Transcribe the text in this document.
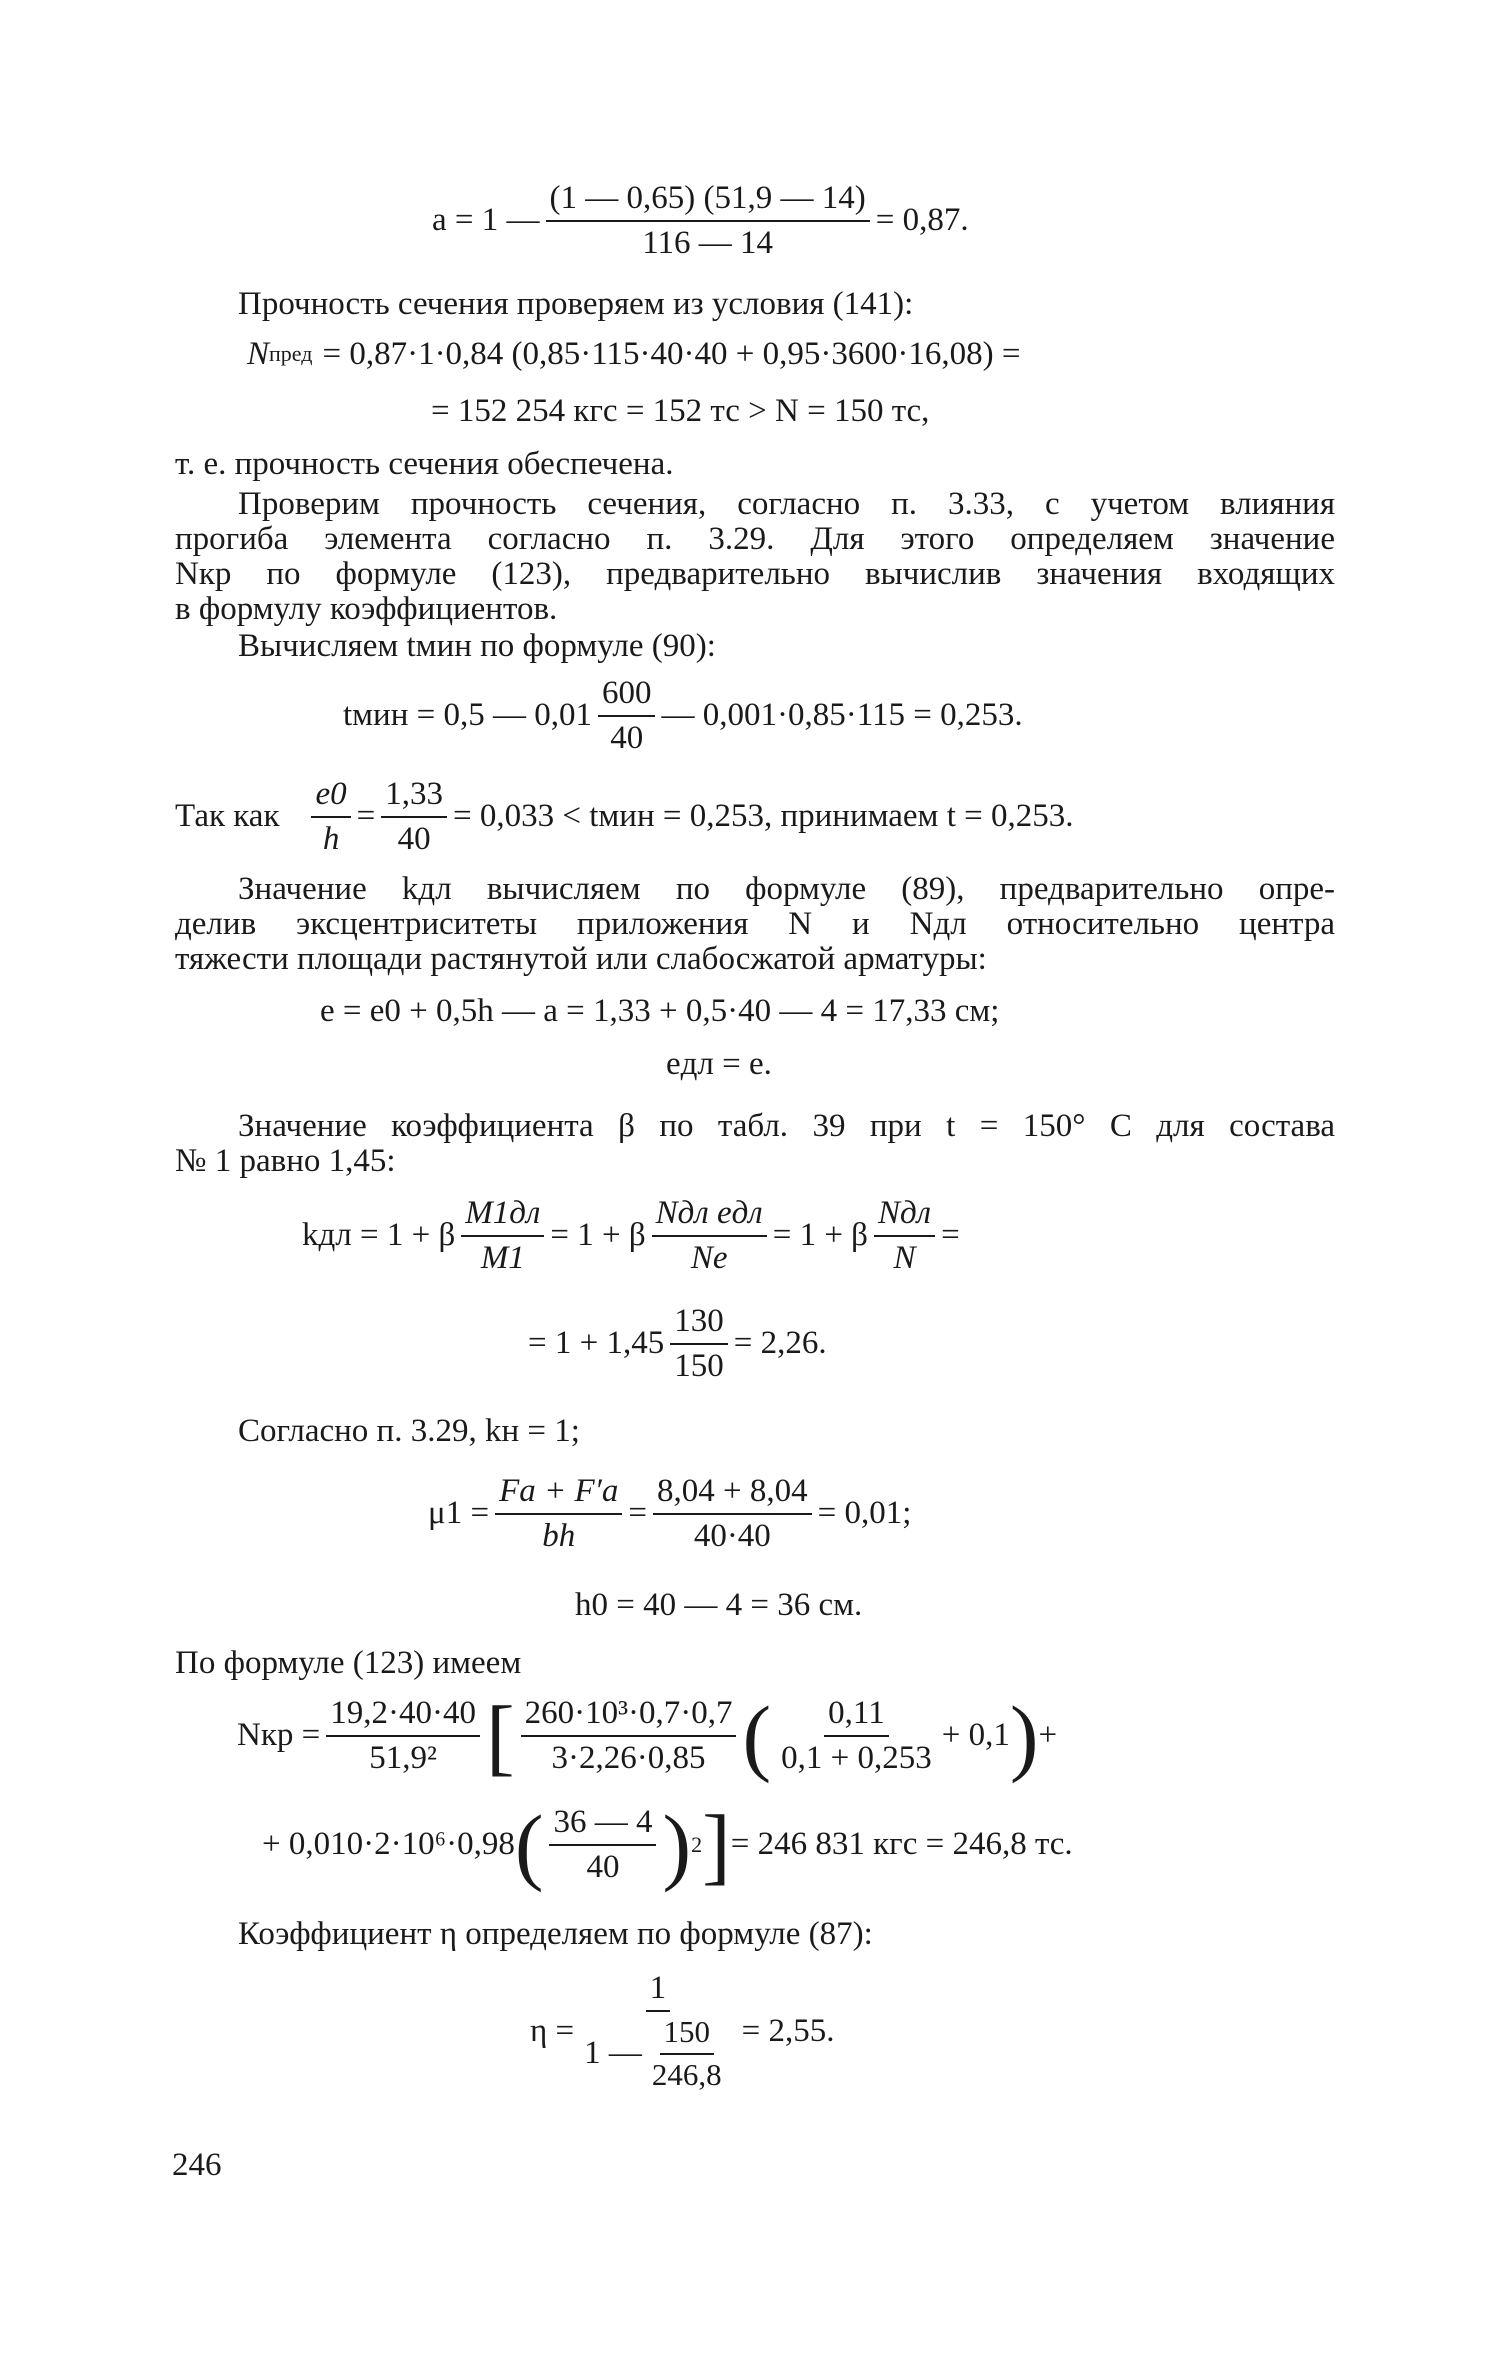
a = 1 — $\frac{(1 — 0,65) (51,9 — 14)}{116 — 14} = 0,87$.
Прочность сечения проверяем из условия (141):
N пред = 0,87·1·0,84 (0,85·115·40·40 + 0,95·3600·16,08) =
= 152 254 кгс = 152 тс > N = 150 тс,
т. е. прочность сечения обеспечена.
Проверим прочность сечения, согласно п. 3.33, с учетом влияния
прогиба элемента согласно п. 3.29. Для этого определяем значение
Nкр по формуле (123), предварительно вычислив значения входящих
в формулу коэффициентов.
Вычисляем tмин по формуле (90):
tмин = 0,5 — $0,01 \frac{600}{40}$ — 0,001·0,85·115 = 0,253.
Так как $\frac{e0}{h} = \frac{1,33}{40} = 0,033$ < tмин = 0,253, принимаем t = 0,253.
Значение kдл вычисляем по формуле (89), предварительно опре-
делив эксцентриситеты приложения N и Nдл относительно центра
тяжести площади растянутой или слабосжатой арматуры:
e = e0 + 0,5h — a = 1,33 + 0,5·40 — 4 = 17,33 см;
eдл = e.
Значение коэффициента β по табл. 39 при t = 150° C для состава
№ 1 равно 1,45:
kдл = 1 + β $\frac{M1дл}{M1} = 1 + \beta \frac{\text{Nдл eдл}}{Ne} = 1 + \beta \frac{\text{Nдл}}{N}$ =
= $1 + 1,45 \frac{130}{150} = 2,26$.
Согласно п. 3.29, kн = 1;
$\mu 1 = \frac{Fa + F'a}{bh} = \frac{8,04 + 8,04}{40\cdot 40} = 0,01$;
h0 = 40 — 4 = 36 см.
По формуле (123) имеем
Nкр = $\frac{19,2\cdot 40\cdot 40}{\text{51,9²}}$ [ $\frac{\text{260·10³·0,7·0,7}}{3\cdot 2,26\cdot 0,85}$ ( $\frac{0,11}{0,1 + 0,253} + 0,1$ ) +
+ 0,010·2·10⁶·0,98 ( $\frac{36 — 4}{40}$ ) 2 ] = 246 831 кгс = 246,8 тс.
Коэффициент η определяем по формуле (87):
$\eta = \frac{1}{1 — \frac{150}{246,8}} = 2,55$.
246
